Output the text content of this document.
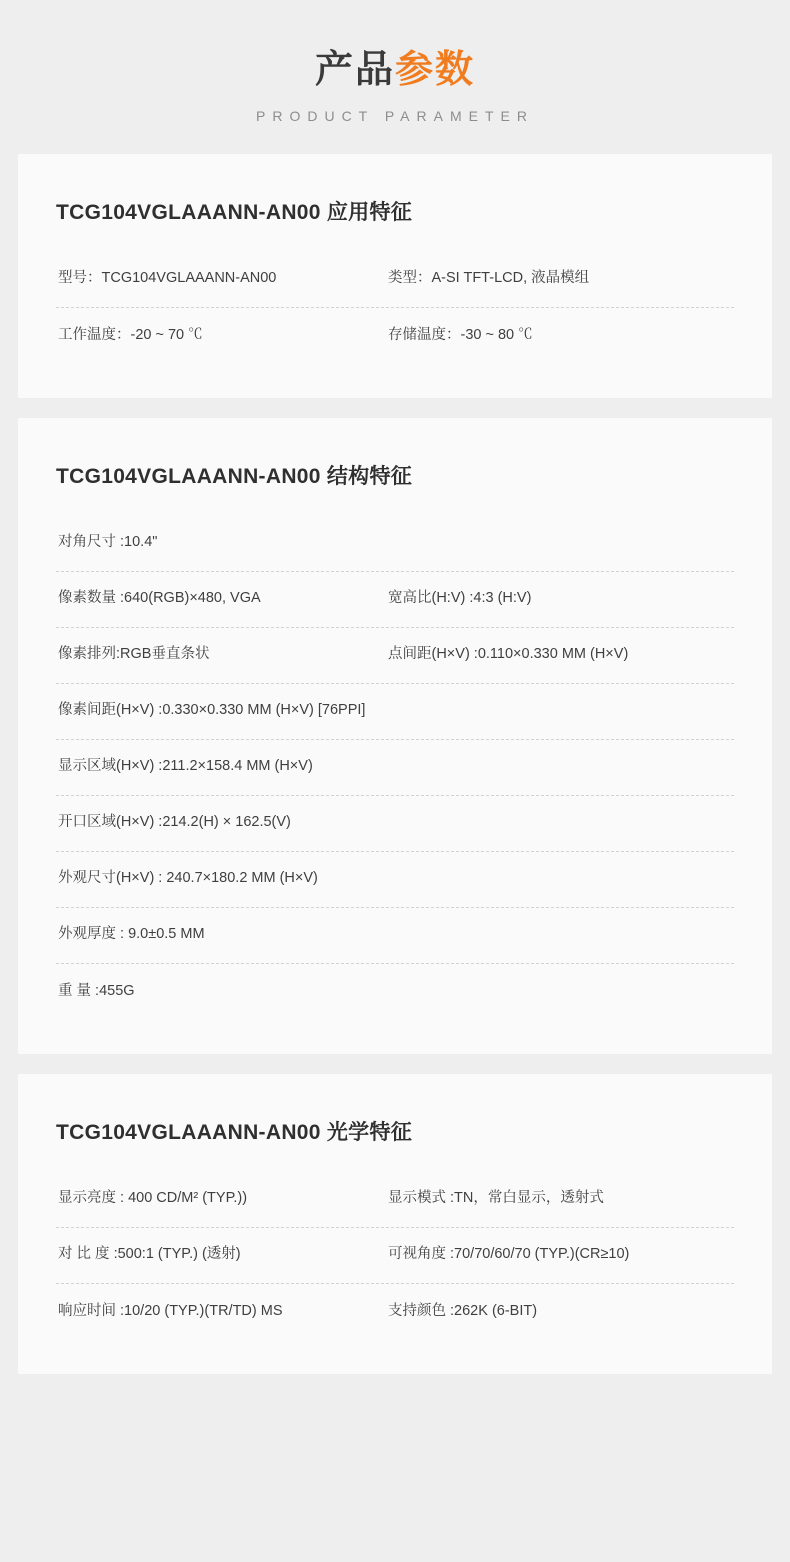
产品参数
PRODUCT PARAMETER
TCG104VGLAAANN-AN00 应用特征
型号：TCG104VGLAAANN-AN00	类型：A-SI TFT-LCD, 液晶模组
工作温度：-20 ~ 70 ℃	存储温度：-30 ~ 80 ℃
TCG104VGLAAANN-AN00 结构特征
对角尺寸 :10.4"
像素数量 :640(RGB)×480, VGA	宽高比(H:V) :4:3 (H:V)
像素排列:RGB垂直条状	点间距(H×V) :0.110×0.330 MM (H×V)
像素间距(H×V) :0.330×0.330 MM (H×V) [76PPI]
显示区域(H×V) :211.2×158.4 MM (H×V)
开口区域(H×V) :214.2(H) × 162.5(V)
外观尺寸(H×V) : 240.7×180.2 MM (H×V)
外观厚度 : 9.0±0.5 MM
重 量 :455G
TCG104VGLAAANN-AN00 光学特征
显示亮度 : 400 CD/M² (TYP.))	显示模式 :TN，常白显示，透射式
对 比 度 :500:1 (TYP.) (透射)	可视角度 :70/70/60/70 (TYP.)(CR≥10)
响应时间 :10/20 (TYP.)(TR/TD) MS	支持颜色 :262K (6-BIT)
